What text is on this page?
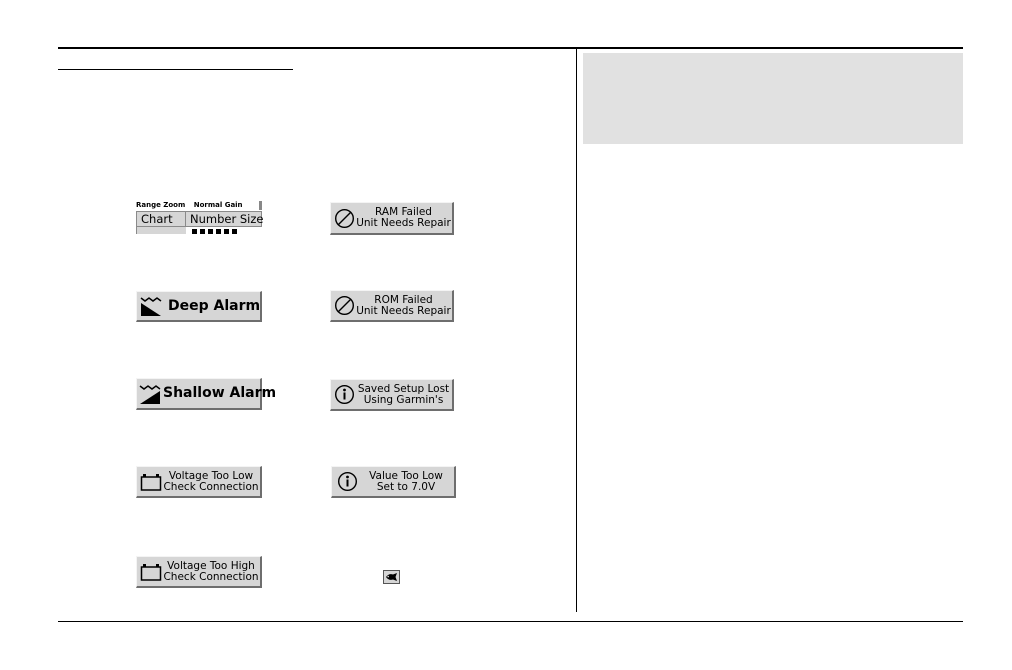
Range Zoom Normal Gain
Chart	Number Size	RAM Failed
Unit Needs Repair
Deep Alarm	ROM Failed
Unit Needs Repair
Shallow Alarm	Saved Setup Lost
Using Garmin's
Voltage Too Low
Check Connection
Value Too Low
Set to 7.0V
Voltage Too High
Check Connection
